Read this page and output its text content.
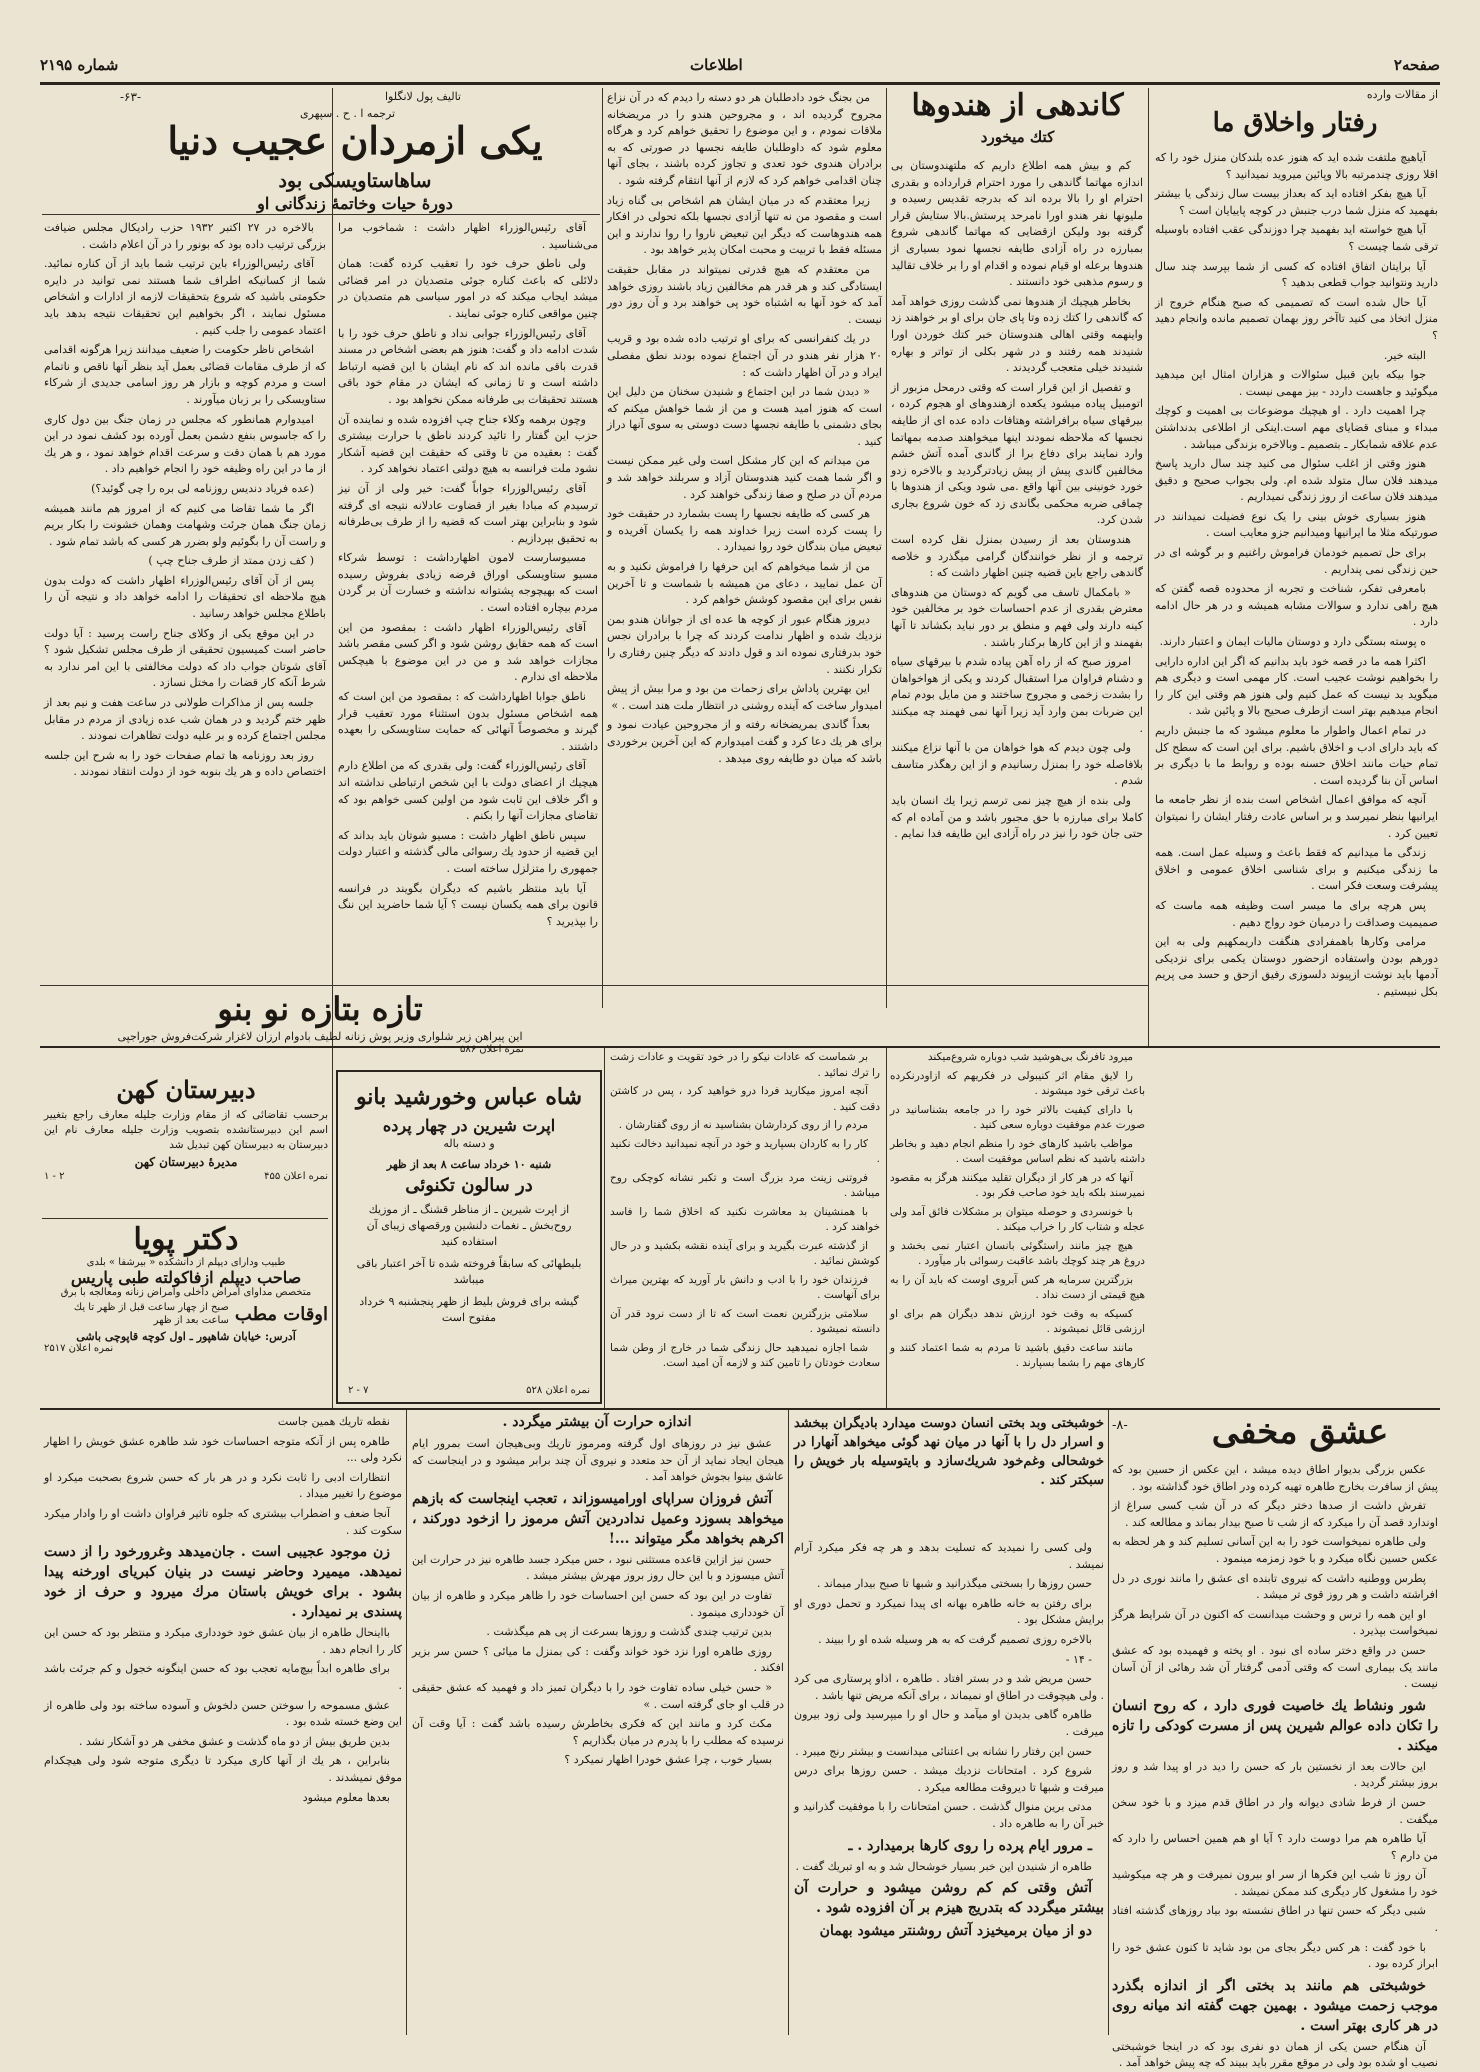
صفحه۲
اطلاعات
شماره ۲۱۹۵
از مقالات وارده
رفتار واخلاق ما

آیاهیچ ملتفت شده اید که هنوز عده بلندکان منزل خود را که اقلا روزی چندمرتبه بالا وپائین میروید نمیدانید ؟

آیا هیچ بفکر افتاده اید که بعداز بیست سال زندگی یا بیشتر بفهمید که منزل شما درب جنبش در کوچه پاییایان است ؟

آیا هیچ خواسته اید بفهمید چرا دوزندگی عقب افتاده باوسیله ترقی شما چیست ؟

آیا برایتان اتفاق افتاده که کسی از شما بپرسد چند سال دارید ونتوانید جواب قطعی بدهید ؟

آیا حال شده است که تصمیمی که صبح هنگام خروج از منزل اتخاذ می کنید تاآخر روز بهمان تصمیم مانده وانجام دهید ؟

البته خیر.

جوا بیکه باین قبیل سئوالات و هزاران امثال این میدهید میگوئید و جاهست داردد - بیز مهمی نیست .

چرا اهمیت دارد . او هیچیك موضوعات بی اهمیت و کوچك مبداء و مبنای قضایای مهم است.اینکی از اطلاعی بدنداشتن عدم علاقه شمابکار ـ بتصمیم ـ وبالاخره بزندگی میباشد .

هنوز وقتی از اغلب سئوال می کنید چند سال دارید پاسخ میدهند فلان سال متولد شده ام. ولی بجواب صحیح و دقیق میدهند فلان ساعت از روز زندگی نمیداریم .

هنوز بسیاری خوش بینی را یک نوع فضیلت نمیدانند در صورتیکه مثلا ما ایرانیها ومیدانیم جزو معایب است .

برای حل تصمیم خودمان فراموش راغنیم و بر گوشه ای در حین زندگی نمی پنداریم .

بامعرفی تفکر، شناخت و تجربه از محدوده قصه گفتن که هیچ راهی ندارد و سوالات مشابه همیشه و در هر حال ادامه دارد .

ه پوسته بستگی دارد و دوستان مالیات ایمان و اعتبار دارند.

اکثرا همه ما در قصه خود باید بدانیم که اگر این اداره دارایی را بخواهیم نوشت عجیب است. کار مهمی است و دیگری هم میگوید بد نیست که عمل کنیم ولی هنوز هم وقتی این کار را انجام میدهیم بهتر است ازطرف صحیح بالا و پائین شد .

در تمام اعمال واطوار ما معلوم میشود که ما جنبش داریم که باید دارای ادب و اخلاق باشیم. برای این است که سطح کل تمام حیات مانند اخلاق حسنه بوده و روابط ما با دیگری بر اساس آن بنا گردیده است .

آنچه که موافق اعمال اشخاص است بنده از نظر جامعه ما ایرانیها بنظر نمیرسد و بر اساس عادت رفتار ایشان را نمیتوان تعیین کرد .

زندگی ما میدانیم که فقط باعث و وسیله عمل است. همه ما زندگی میکنیم و برای شناسی اخلاق عمومی و اخلاق پیشرفت وسعت فکر است .

پس هرچه برای ما میسر است وظیفه همه ماست که صمیمیت وصداقت را درمیان خود رواج دهیم .

مرامی وکارها باهمفرادی هنگفت داریمکهیم ولی به این دورهم بودن واستفاده ازحضور دوستان یکمی برای نزدیکی آدمها باید نوشت ازپیوند دلسوزی رفیق ازحق و حسد می پریم بکل نبیستیم .

کاندهی از هندوها
کتك میخورد

کم و بیش همه اطلاع داریم که ملتهندوستان بی اندازه مهاتما گاندهی را مورد احترام قرارداده و بقدری احترام او را بالا برده اند که بدرجه تقدیس رسیده و ملیونها نفر هندو اورا نامرحد پرستش.بالا ستایش قرار گرفته بود ولیکن ازقضایی که مهاتما گاندهی شروع بمبارزه در راه آزادی طایفه نجسها نمود بسیاری از هندوها برعله او قیام نموده و اقدام او را بر خلاف تقالید و رسوم مذهبی خود دانستند .

بخاطر هیچیك از هندوها نمی گذشت روزی خواهد آمد که گاندهی را کتك زده وتا پای جان برای او بر خواهند زد واینهمه وقتی اهالی هندوستان خبر کتك خوردن اورا شنیدند همه رفتند و در شهر بکلی از تواتر و بهاره شنیدند خیلی متعجب گردیدند .

و تفصیل از این قرار است که وقتی درمحل مزبور از اتومبیل پیاده میشود یکعده ازهندوهای او هجوم کرده ، بیرقهای سیاه برافراشته وهتافات داده عده ای از طایفه نجسها که ملاحظه نمودند اینها میخواهند صدمه بمهاتما وارد نمایند برای دفاع برا از گاندی آمده آتش خشم مخالفین گاندی پیش از پیش زیادترگردید و بالاخره زدو خورد خونینی بین آنها واقع .می شود ویکی از هندوها با چماقی ضربه محکمی بگاندی زد که خون شروع بجاری شدن کرد.

هندوستان بعد از رسیدن بمنزل نقل کرده است ترجمه و از نظر خوانندگان گرامی میگذرد و خلاصه گاندهی راجع باین قضیه چنین اظهار داشت که :

« بامکمال تاسف می گویم که دوستان من هندوهای معترض بقدری از عدم احساسات خود بر مخالفین خود کینه دارند ولی فهم و منطق بر دور نباید بکشاند تا آنها بفهمند و از این کارها برکنار باشند .

امروز صبح که از راه آهن پیاده شدم با بیرقهای سیاه و دشنام فراوان مرا استقبال کردند و یکی از هواخواهان را بشدت زخمی و مجروح ساختند و من مایل بودم تمام این ضربات بمن وارد آید زیرا آنها نمی فهمند چه میکنند .

ولی چون دیدم که هوا خواهان من با آنها نزاع میکنند بلافاصله خود را بمنزل رسانیدم و از این رهگذر متاسف شدم .

ولی بنده از هیچ چیز نمی ترسم زیرا یك انسان باید کاملا برای مبارزه با حق مجبور باشد و من آماده ام که حتی جان خود را نیز در راه آزادی این طایفه فدا نمایم .

من بجنگ خود دادطلبان هر دو دسته را دیدم که در آن نزاع مجروح گردیده اند ، و مجروحین هندو را در مریضخانه ملاقات نمودم ، و این موضوع را تحقیق خواهم کرد و هرگاه معلوم شود که داوطلبان طایفه نجسها در صورتی که به برادران هندوی خود تعدی و تجاوز کرده باشند ، بجای آنها چنان اقدامی خواهم کرد که لازم از آنها انتقام گرفته شود .

زیرا معتقدم که در میان ایشان هم اشخاص بی گناه زیاد است و مقصود من نه تنها آزادی نجسها بلکه تحولی در افکار همه هندوهاست که دیگر این تبعیض ناروا را روا ندارند و این مسئله فقط با تربیت و محبت امکان پذیر خواهد بود .

من معتقدم که هیچ قدرتی نمیتواند در مقابل حقیقت ایستادگی کند و هر قدر هم مخالفین زیاد باشند روزی خواهد آمد که خود آنها به اشتباه خود پی خواهند برد و آن روز دور نیست .

در یك کنفرانسی که برای او ترتیب داده شده بود و قریب ۲۰ هزار نفر هندو در آن اجتماع نموده بودند نطق مفصلی ایراد و در آن اظهار داشت که :

« دیدن شما در این اجتماع و شنیدن سخنان من دلیل این است که هنوز امید هست و من از شما خواهش میکنم که بجای دشمنی با طایفه نجسها دست دوستی به سوی آنها دراز کنید .

من میدانم که این کار مشکل است ولی غیر ممکن نیست و اگر شما همت کنید هندوستان آزاد و سربلند خواهد شد و مردم آن در صلح و صفا زندگی خواهند کرد .

هر کسی که طایفه نجسها را پست بشمارد در حقیقت خود را پست کرده است زیرا خداوند همه را یکسان آفریده و تبعیض میان بندگان خود روا نمیدارد .

من از شما میخواهم که این حرفها را فراموش نکنید و به آن عمل نمایید ، دعای من همیشه با شماست و تا آخرین نفس برای این مقصود کوشش خواهم کرد .

دیروز هنگام عبور از کوچه ها عده ای از جوانان هندو بمن نزدیك شده و اظهار ندامت کردند که چرا با برادران نجس خود بدرفتاری نموده اند و قول دادند که دیگر چنین رفتاری را تکرار نکنند .

این بهترین پاداش برای زحمات من بود و مرا بیش از پیش امیدوار ساخت که آینده روشنی در انتظار ملت هند است . »

بعداً گاندی بمریضخانه رفته و از مجروحین عیادت نمود و برای هر یك دعا کرد و گفت امیدوارم که این آخرین برخوردی باشد که میان دو طایفه روی میدهد .

تالیف پول لانگلوا
ترجمه ا . ح . سپهری
-۶۳-
یکی ازمردان عجیب دنیا
ساهاستاویسکی بود
دورهٔ حیات وخاتمهٔ زندگانی او

آقای رئیس‌الوزراء اظهار داشت : شماخوب مرا می‌شناسید .

ولی ناطق حرف خود را تعقیب کرده گفت: همان دلائلی که باعث کناره جوئی متصدیان در امر قضائی میشد ایجاب میکند که در امور سیاسی هم متصدیان در چنین مواقعی کناره جوئی نمایند .

آقای رئیس‌الوزراء جوابی نداد و ناطق حرف خود را با شدت ادامه داد و گفت: هنوز هم بعضی اشخاص در مسند قدرت باقی مانده اند که نام ایشان با این قضیه ارتباط داشته است و تا زمانی که ایشان در مقام خود باقی هستند تحقیقات بی طرفانه ممکن نخواهد بود .

وچون برهمه وکلاء جناح چپ افزوده شده و نماینده آن حزب این گفتار را تائید کردند ناطق با حرارت بیشتری گفت : بعقیده من تا وقتی که حقیقت این قضیه آشکار نشود ملت فرانسه به هیچ دولتی اعتماد نخواهد کرد .

آقای رئیس‌الوزراء جواباً گفت: خیر ولی از آن نیز ترسیدم که مبادا بغیر از قضاوت عادلانه نتیجه ای گرفته شود و بنابراین بهتر است که قضیه را از طرف بی‌طرفانه به تحقیق بپردازیم .

مسیوسارست لامون اظهارداشت : توسط شرکاء مسیو ستاویسکی اوراق قرضه زیادی بفروش رسیده است که بهیچوجه پشتوانه نداشته و خسارت آن بر گردن مردم بیچاره افتاده است .

آقای رئیس‌الوزراء اظهار داشت : بمقصود من این است که همه حقایق روشن شود و اگر کسی مقصر باشد مجازات خواهد شد و من در این موضوع با هیچکس ملاحظه ای ندارم .

ناطق جوابا اظهارداشت که : بمقصود من این است که همه اشخاص مسئول بدون استثناء مورد تعقیب قرار گیرند و مخصوصاً آنهائی که حمایت ستاویسکی را بعهده داشتند .

آقای رئیس‌الوزراء گفت: ولی بقدری که من اطلاع دارم هیچیك از اعضای دولت با این شخص ارتباطی نداشته اند و اگر خلاف این ثابت شود من اولین کسی خواهم بود که تقاضای مجازات آنها را بکنم .

سپس ناطق اظهار داشت : مسیو شوتان باید بداند که این قضیه از حدود یك رسوائی مالی گذشته و اعتبار دولت جمهوری را متزلزل ساخته است .

آیا باید منتظر باشیم که دیگران بگویند در فرانسه قانون برای همه یکسان نیست ؟ آیا شما حاضرید این ننگ را بپذیرید ؟

بالاخره در ۲۷ اکتبر ۱۹۳۲ حزب رادیکال مجلس ضیافت بزرگی ترتیب داده بود که بونور را در آن اعلام داشت .

آقای رئیس‌الوزراء باین ترتیب شما باید از آن کناره نمائید. شما از کسانیکه اطراف شما هستند نمی توانید در دایره حکومتی باشید که شروع بتحقیقات لازمه از ادارات و اشخاص مسئول نمایند ، اگر بخواهیم این تحقیقات نتیجه بدهد باید اعتماد عمومی را جلب کنیم .

اشخاص ناظر حکومت را ضعیف میدانند زیرا هرگونه اقدامی که از طرف مقامات قضائی بعمل آید بنظر آنها ناقص و ناتمام است و مردم کوچه و بازار هر روز اسامی جدیدی از شرکاء ستاویسکی را بر زبان میآورند .

امیدوارم همانطور که مجلس در زمان جنگ بین دول کاری را که جاسوس بنفع دشمن بعمل آورده بود کشف نمود در این مورد هم با همان دقت و سرعت اقدام خواهد نمود ، و هر یك از ما در این راه وظیفه خود را انجام خواهیم داد .

(عده فریاد دندیس روزنامه لی بره را چی گوئید؟)

اگر ما شما تقاضا می کنیم که از امروز هم مانند همیشه زمان جنگ همان جرئت وشهامت وهمان خشونت را بکار بریم و راست آن را بگوئیم ولو بضرر هر کسی که باشد تمام شود .

( کف زدن ممتد از طرف جناح چپ )

پس از آن آقای رئیس‌الوزراء اظهار داشت که دولت بدون هیچ ملاحظه ای تحقیقات را ادامه خواهد داد و نتیجه آن را باطلاع مجلس خواهد رسانید .

در این موقع یکی از وکلای جناح راست پرسید : آیا دولت حاضر است کمیسیون تحقیقی از طرف مجلس تشکیل شود ؟ آقای شوتان جواب داد که دولت مخالفتی با این امر ندارد به شرط آنکه کار قضات را مختل نسازد .

جلسه پس از مذاکرات طولانی در ساعت هفت و نیم بعد از ظهر ختم گردید و در همان شب عده زیادی از مردم در مقابل مجلس اجتماع کرده و بر علیه دولت تظاهرات نمودند .

روز بعد روزنامه ها تمام صفحات خود را به شرح این جلسه اختصاص داده و هر یك بنوبه خود از دولت انتقاد نمودند .

تازه بتازه نو بنو
این پیراهن زیر شلواری وزیر پوش زنانه لطیف بادوام ارزان لاغزار شرکت‌فروش جوراجپی
نمره اعلان ۵۸۶

میرود تافرنگ بی‌هوشید شب دوباره شروع‌میکند

را لایق مقام اثر کنیبولی در فکریهم که ازاودرنکرده باعث ترقی خود میشوند .

با دارای کیفیت بالاتر خود را در جامعه بشناسانید در صورت عدم موفقیت دوباره سعی کنید .

مواظب باشید کارهای خود را منظم انجام دهید و بخاطر داشته باشید که نظم اساس موفقیت است .

آنها که در هر کار از دیگران تقلید میکنند هرگز به مقصود نمیرسند بلکه باید خود صاحب فکر بود .

با خونسردی و حوصله میتوان بر مشکلات فائق آمد ولی عجله و شتاب کار را خراب میکند .

هیچ چیز مانند راستگوئی بانسان اعتبار نمی بخشد و دروغ هر چند کوچك باشد عاقبت رسوائی بار میآورد .

بزرگترین سرمایه هر کس آبروی اوست که باید آن را به هیچ قیمتی از دست نداد .

کسیکه به وقت خود ارزش ندهد دیگران هم برای او ارزشی قائل نمیشوند .

مانند ساعت دقیق باشید تا مردم به شما اعتماد کنند و کارهای مهم را بشما بسپارند .

بر شماست که عادات نیکو را در خود تقویت و عادات زشت را ترك نمائید .

آنچه امروز میکارید فردا درو خواهید کرد ، پس در کاشتن دقت کنید .

مردم را از روی کردارشان بشناسید نه از روی گفتارشان .

کار را به کاردان بسپارید و خود در آنچه نمیدانید دخالت نکنید .

فروتنی زینت مرد بزرگ است و تکبر نشانه کوچکی روح میباشد .

با همنشینان بد معاشرت نکنید که اخلاق شما را فاسد خواهند کرد .

از گذشته عبرت بگیرید و برای آینده نقشه بکشید و در حال کوشش نمائید .

فرزندان خود را با ادب و دانش بار آورید که بهترین میراث برای آنهاست .

سلامتی بزرگترین نعمت است که تا از دست نرود قدر آن دانسته نمیشود .

شما اجازه نمیدهید حال زندگی شما در خارج از وطن شما سعادت خودتان را تامین کند و لازمه آن امید است.

شاه عباس وخورشید بانو
اپرت شیرین در چهار پرده
و دسته باله
شنبه ۱۰ خرداد ساعت ۸ بعد از ظهر
در سالون تکنوئی
از اپرت شیرین ـ از مناظر قشنگ ـ از موزیك روح‌بخش ـ نغمات دلنشین ورقصهای زیبای آن استفاده کنید
بلیطهائی که سابقاً فروخته شده تا آخر اعتبار باقی میباشد
گیشه برای فروش بلیط از ظهر پنجشنبه ۹ خرداد مفتوح است
نمره اعلان ۵۲۸
۷ - ۲
دبیرستان کهن
برحسب تقاضائی که از مقام وزارت جلیله معارف راجع بتغییر اسم این دبیرستانشده بتصویب وزارت جلیله معارف نام این دبیرستان به دبیرستان کهن تبدیل شد
مدیرهٔ دبیرستان کهن
نمره اعلان ۴۵۵
۲ - ۱
دکتر پویا
طبیب ودارای دیپلم از دانشکده « بیرشفا » بلدی
صاحب دیپلم ازفاکولته طبی پاریس
متخصص مداوای امراض داخلی وامراض زنانه ومعالجه با برق
اوقات مطب
صبح از چهار ساعت قبل از ظهر تا یك ساعت بعد از ظهر
آدرس: خیابان شاهپور ـ اول کوچه قاپوچی باشی
نمره اعلان ۲۵۱۷
-۸-	عشق مخفی

عکس بزرگی بدیوار اطاق دیده میشد ، این عکس از حسین بود که پیش از سافرت بخارج طاهره تهیه کرده ودر اطاق خود گذاشته بود .

تفرش داشت از صدها دختر دیگر که در آن شب کسی سراغ از اوندارد قصد آن را میکرد که از شب تا صبح بیدار بماند و مطالعه کند .

ولی طاهره نمیخواست خود را به این آسانی تسلیم کند و هر لحظه به عکس حسین نگاه میکرد و با خود زمزمه مینمود .

پطرس ووطنیه داشت که نیروی تابنده ای عشق را مانند نوری در دل افراشته داشت و هر روز قوی تر میشد .

او این همه را ترس و وحشت میدانست که اکنون در آن شرایط هرگز نمیخواست بپذیرد .

حسن در واقع دختر ساده ای نبود . او پخته و فهمیده بود که عشق مانند یک بیماری است که وقتی آدمی گرفتار آن شد رهائی از آن آسان نیست .

شور ونشاط یك خاصیت فوری دارد ، که روح انسان را تکان داده عوالم شیرین پس از مسرت کودکی را تازه میکند .

این حالات بعد از نخستین بار که حسن را دید در او پیدا شد و روز بروز بیشتر گردید .

حسن از فرط شادی دیوانه وار در اطاق قدم میزد و با خود سخن میگفت .

آیا طاهره هم مرا دوست دارد ؟ آیا او هم همین احساس را دارد که من دارم ؟

آن روز تا شب این فکرها از سر او بیرون نمیرفت و هر چه میکوشید خود را مشغول کار دیگری کند ممکن نمیشد .

شبی دیگر که حسن تنها در اطاق نشسته بود بیاد روزهای گذشته افتاد .

با خود گفت : هر کس دیگر بجای من بود شاید تا کنون عشق خود را ابراز کرده بود .

خوشبختی هم مانند بد بختی اگر از اندازه بگذرد موجب زحمت میشود . بهمین جهت گفته اند میانه روی در هر کاری بهتر است .

آن هنگام حسن یکی از همان دو نفری بود که در اینجا خوشبختی نصیب او شده بود ولی در موقع مقرر باید ببیند که چه پیش خواهد آمد .

خوشبختی وبد بختی انسان دوست میدارد بادیگران ببخشد و اسرار دل را با آنها در میان نهد گوئی میخواهد آنهارا در خوشحالی وغم‌خود شریك‌سازد و بایتوسیله بار خویش را سبکتر کند .

ولی کسی را نمیدید که تسلیت بدهد و هر چه فکر میکرد آرام نمیشد .

حسن روزها را بسختی میگذرانید و شبها تا صبح بیدار میماند .

برای رفتن به خانه طاهره بهانه ای پیدا نمیکرد و تحمل دوری او برایش مشکل بود .

بالاخره روزی تصمیم گرفت که به هر وسیله شده او را ببیند .

- ۱۴ -

حسن مریض شد و در بستر افتاد . طاهره ، اذاو پرستاری می کرد . ولی هیچوقت در اطاق او نمیماند ، برای آنکه مریض تنها باشد .

طاهره گاهی بدیدن او میآمد و حال او را میپرسید ولی زود بیرون میرفت .

حسن این رفتار را نشانه بی اعتنائی میدانست و بیشتر رنج میبرد .

شروع کرد . امتحانات نزدیك میشد . حسن روزها برای درس میرفت و شبها تا دیروقت مطالعه میکرد .

مدتی برین منوال گذشت . حسن امتحانات را با موفقیت گذرانید و خبر آن را به طاهره داد .

ـ مرور ایام پرده را روی کارها برمیدارد . ـ

طاهره از شنیدن این خبر بسیار خوشحال شد و به او تبریك گفت .

آتش وقتی کم کم روشن میشود و حرارت آن بیشتر میگردد که بتدریج هیزم بر آن افزوده شود .

دو از میان برمیخیزد آتش روشنتر میشود بهمان

اندازه حرارت آن بیشتر میگردد .

عشق نیز در روزهای اول گرفته ومرموز تاریك وبی‌هیجان است بمرور ایام هیجان ایجاد نماید از آن حد متعدد و نیروی آن چند برابر میشود و در اینجاست که عاشق بینوا بجوش خواهد آمد .

آتش فروزان سراپای اورامیسوزاند ، تعجب اینجاست که بازهم میخواهد بسوزد وعمیل ندادردین آتش مرموز را ازخود دورکند ، اکرهم بخواهد مگر میتواند ...!

حسن نیز ازاین قاعده مستثنی نبود ، حس میکرد جسد طاهره نیز در حرارت این آتش میسوزد و با این حال روز بروز مهرش بیشتر میشد .

تفاوت در این بود که حسن این احساسات خود را ظاهر میکرد و طاهره از بیان آن خودداری مینمود .

بدین ترتیب چندی گذشت و روزها بسرعت از پی هم میگذشت .

روزی طاهره اورا نزد خود خواند وگفت : کی بمنزل ما میائی ؟ حسن سر بزیر افکند .

« حسن خیلی ساده تفاوت خود را با دیگران تمیز داد و فهمید که عشق حقیقی در قلب او جای گرفته است . »

مکث کرد و مانند این که فکری بخاطرش رسیده باشد گفت : آیا وقت آن نرسیده که مطلب را با پدرم در میان بگذاریم ؟

بسیار خوب ، چرا عشق خودرا اظهار نمیکرد ؟

نقطه تاریك همین جاست

طاهره پس از آنکه متوجه احساسات خود شد طاهره عشق خویش را اظهار نکرد ولی ...

انتظارات ادبی را ثابت نکرد و در هر بار که حسن شروع بصحبت میکرد او موضوع را تغییر میداد .

آنجا ضعف و اضطراب بیشتری که جلوه تاثیر فراوان داشت او را وادار میکرد سکوت کند .

زن موجود عجیبی است . جان‌میدهد وغرورخود را از دست نمیدهد. میمیرد وحاضر نیست در بنیان کبریای اورخنه پیدا بشود . برای خویش باستان مرك میرود و حرف از خود پسندی بر نمیدارد .

بااینحال طاهره از بیان عشق خود خودداری میکرد و منتظر بود که حسن این کار را انجام دهد .

برای طاهره ابداً بیچ‌مایه تعجب بود که حسن اینگونه خجول و کم جرئت باشد .

عشق مسموحه را سوختن حسن دلخوش و آسوده ساخته بود ولی طاهره از این وضع خسته شده بود .

بدین طریق بیش از دو ماه گذشت و عشق مخفی هر دو آشکار نشد .

بنابراین ، هر یك از آنها کاری میکرد تا دیگری متوجه شود ولی هیچکدام موفق نمیشدند .

بعدها معلوم میشود
